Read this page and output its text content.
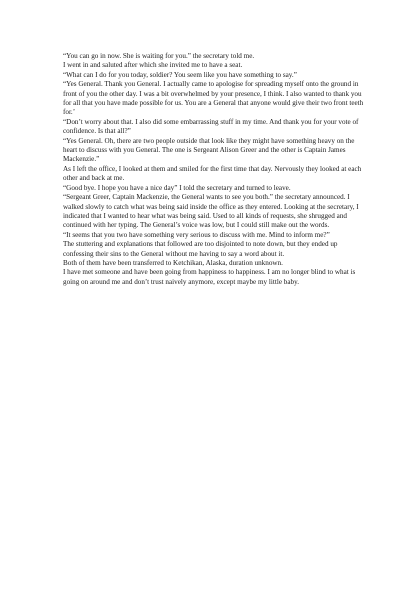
“You can go in now. She is waiting for you.” the secretary told me.

I went in and saluted after which she invited me to have a seat.

“What can I do for you today, soldier? You seem like you have something to say.”

“Yes General. Thank you General. I actually came to apologise for spreading myself onto the ground in front of you the other day. I was a bit overwhelmed by your presence, I think. I also wanted to thank you for all that you have made possible for us. You are a General that anyone would give their two front teeth for.’

“Don’t worry about that. I also did some embarrassing stuff in my time. And thank you for your vote of confidence. Is that all?”

“Yes General. Oh, there are two people outside that look like they might have something heavy on the heart to discuss with you General. The one is Sergeant Alison Greer and the other is Captain James Mackenzie.”

As I left the office, I looked at them and smiled for the first time that day. Nervously they looked at each other and back at me.

“Good bye. I hope you have a nice day” I told the secretary and turned to leave.

“Sergeant Greer, Captain Mackenzie, the General wants to see you both.” the secretary announced. I walked slowly to catch what was being said inside the office as they entered. Looking at the secretary, I indicated that I wanted to hear what was being said. Used to all kinds of requests, she shrugged and continued with her typing. The General’s voice was low, but I could still make out the words.

“It seems that you two have something very serious to discuss with me. Mind to inform me?”

The stuttering and explanations that followed are too disjointed to note down, but they ended up confessing their sins to the General without me having to say a word about it.

Both of them have been transferred to Ketchikan, Alaska, duration unknown.

I have met someone and have been going from happiness to happiness. I am no longer blind to what is going on around me and don’t trust naively anymore, except maybe my little baby.
